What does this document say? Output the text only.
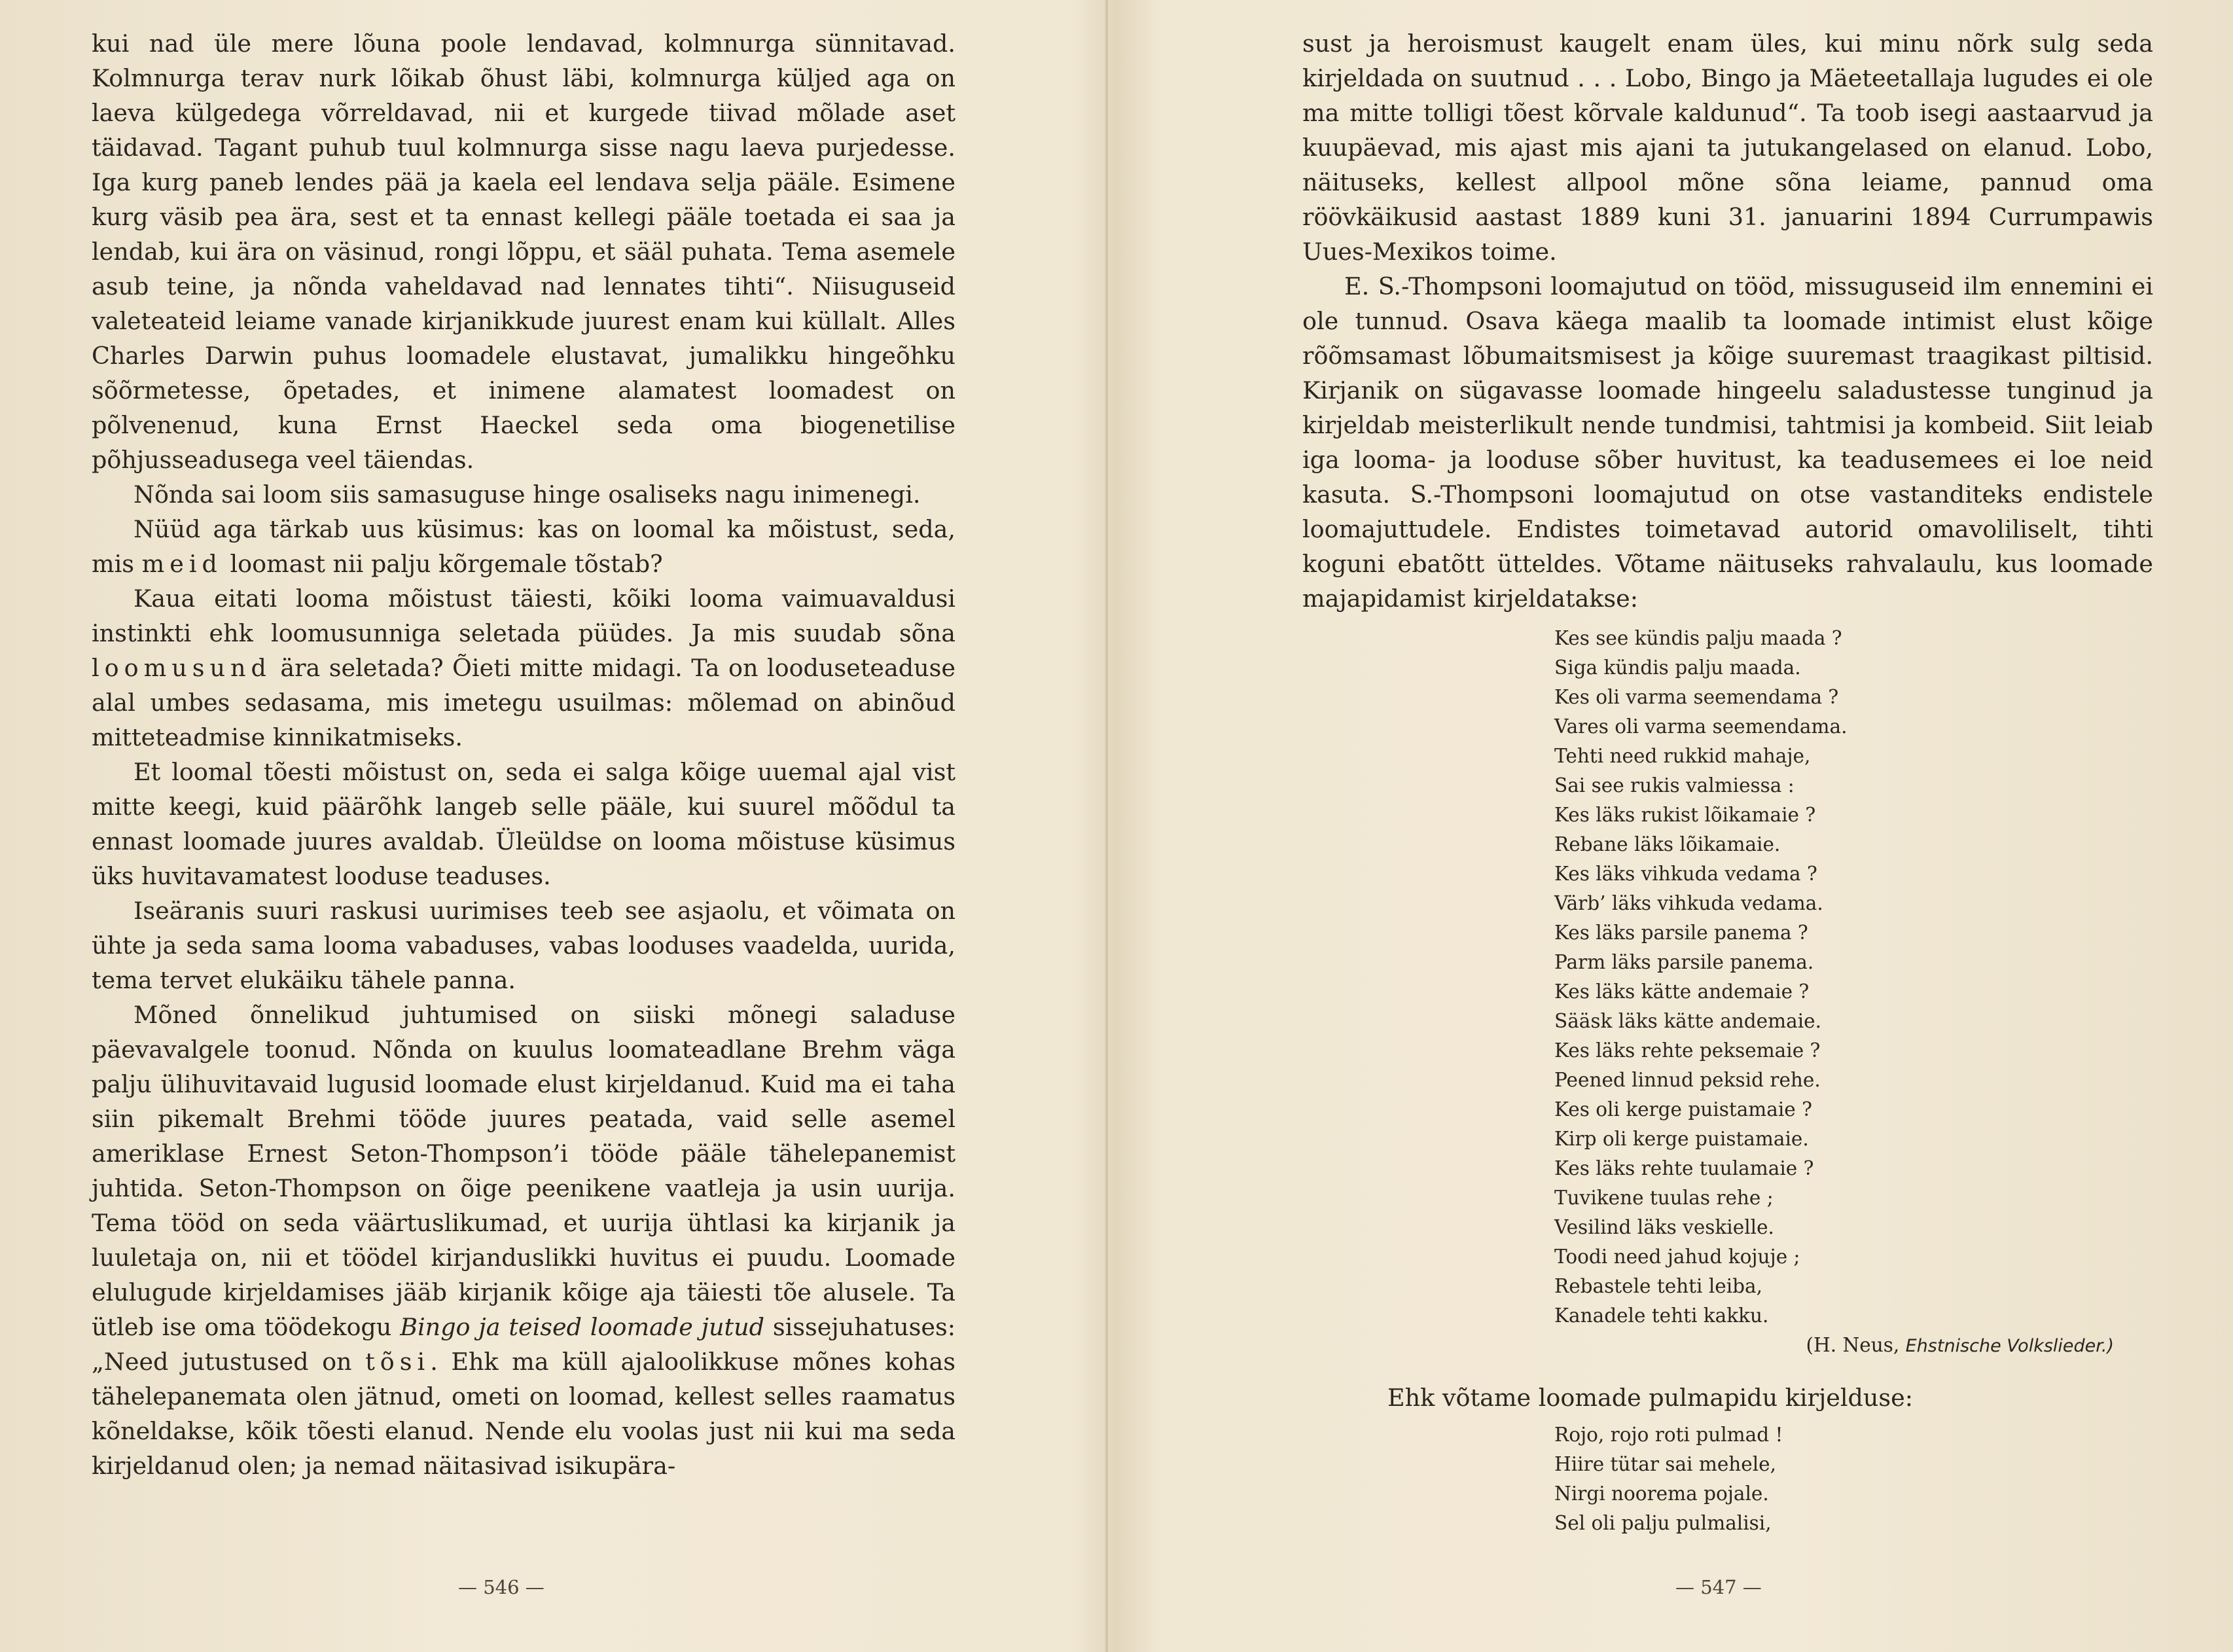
kui nad üle mere lõuna poole lendavad, kolmnurga sünnitavad. Kolmnurga terav nurk lõikab õhust läbi, kolmnurga küljed aga on laeva külgedega võrreldavad, nii et kurgede tiivad mõlade aset täidavad. Tagant puhub tuul kolmnurga sisse nagu laeva purjedesse. Iga kurg paneb lendes pää ja kaela eel lendava selja pääle. Esimene kurg väsib pea ära, sest et ta ennast kellegi pääle toetada ei saa ja lendab, kui ära on väsinud, rongi lõppu, et sääl puhata. Tema asemele asub teine, ja nõnda vaheldavad nad lennates tihti“. Niisuguseid valeteateid leiame vanade kirjanikkude juurest enam kui küllalt. Alles Charles Darwin puhus loomadele elustavat, jumalikku hingeõhku sõõrmetesse, õpetades, et inimene alamatest loomadest on põlvenenud, kuna Ernst Haeckel seda oma biogenetilise põhjusseadusega veel täiendas.

Nõnda sai loom siis samasuguse hinge osaliseks nagu inimenegi.

Nüüd aga tärkab uus küsimus: kas on loomal ka mõistust, seda, mis meid loomast nii palju kõrgemale tõstab?

Kaua eitati looma mõistust täiesti, kõiki looma vaimuavaldusi instinkti ehk loomusunniga seletada püüdes. Ja mis suudab sõna loomusund ära seletada? Õieti mitte midagi. Ta on looduseteaduse alal umbes sedasama, mis imetegu usuilmas: mõlemad on abinõud mitteteadmise kinnikatmiseks.

Et loomal tõesti mõistust on, seda ei salga kõige uuemal ajal vist mitte keegi, kuid päärõhk langeb selle pääle, kui suurel mõõdul ta ennast loomade juures avaldab. Üleüldse on looma mõistuse küsimus üks huvitavamatest looduse teaduses.

Iseäranis suuri raskusi uurimises teeb see asjaolu, et võimata on ühte ja seda sama looma vabaduses, vabas looduses vaadelda, uurida, tema tervet elukäiku tähele panna.

Mõned õnnelikud juhtumised on siiski mõnegi saladuse päevavalgele toonud. Nõnda on kuulus loomateadlane Brehm väga palju ülihuvitavaid lugusid loomade elust kirjeldanud. Kuid ma ei taha siin pikemalt Brehmi tööde juures peatada, vaid selle asemel ameriklase Ernest Seton-Thompson’i tööde pääle tähelepanemist juhtida. Seton-Thompson on õige peenikene vaatleja ja usin uurija. Tema tööd on seda väärtuslikumad, et uurija ühtlasi ka kirjanik ja luuletaja on, nii et töödel kirjanduslikki huvitus ei puudu. Loomade elulugude kirjeldamises jääb kirjanik kõige aja täiesti tõe alusele. Ta ütleb ise oma töödekogu Bingo ja teised loomade jutud sissejuhatuses: „Need jutustused on tõsi. Ehk ma küll ajaloolikkuse mõnes kohas tähelepanemata olen jätnud, ometi on loomad, kellest selles raamatus kõneldakse, kõik tõesti elanud. Nende elu voolas just nii kui ma seda kirjeldanud olen; ja nemad näitasivad isikupära-

— 546 —

sust ja heroismust kaugelt enam üles, kui minu nõrk sulg seda kirjeldada on suutnud . . . Lobo, Bingo ja Mäeteetallaja lugudes ei ole ma mitte tolligi tõest kõrvale kaldunud“. Ta toob isegi aastaarvud ja kuupäevad, mis ajast mis ajani ta jutukangelased on elanud. Lobo, näituseks, kellest allpool mõne sõna leiame, pannud oma röövkäikusid aastast 1889 kuni 31. januarini 1894 Currumpawis Uues-Mexikos toime.

E. S.-Thompsoni loomajutud on tööd, missuguseid ilm ennemini ei ole tunnud. Osava käega maalib ta loomade intimist elust kõige rõõmsamast lõbumaitsmisest ja kõige suuremast traagikast piltisid. Kirjanik on sügavasse loomade hingeelu saladustesse tunginud ja kirjeldab meisterlikult nende tundmisi, tahtmisi ja kombeid. Siit leiab iga looma- ja looduse sõber huvitust, ka teadusemees ei loe neid kasuta. S.-Thompsoni loomajutud on otse vastanditeks endistele loomajuttudele. Endistes toimetavad autorid omavoliliselt, tihti koguni ebatõtt ütteldes. Võtame näituseks rahvalaulu, kus loomade majapidamist kirjeldatakse:

Kes see kündis palju maada ?
Siga kündis palju maada.
Kes oli varma seemendama ?
Vares oli varma seemendama.
Tehti need rukkid mahaje,
Sai see rukis valmiessa :
Kes läks rukist lõikamaie ?
Rebane läks lõikamaie.
Kes läks vihkuda vedama ?
Värb’ läks vihkuda vedama.
Kes läks parsile panema ?
Parm läks parsile panema.
Kes läks kätte andemaie ?
Sääsk läks kätte andemaie.
Kes läks rehte peksemaie ?
Peened linnud peksid rehe.
Kes oli kerge puistamaie ?
Kirp oli kerge puistamaie.
Kes läks rehte tuulamaie ?
Tuvikene tuulas rehe ;
Vesilind läks veskielle.
Toodi need jahud kojuje ;
Rebastele tehti leiba,
Kanadele tehti kakku.
(H. Neus, Ehstnische Volkslieder.)
Ehk võtame loomade pulmapidu kirjelduse:
Rojo, rojo roti pulmad !
Hiire tütar sai mehele,
Nirgi noorema pojale.
Sel oli palju pulmalisi,
— 547 —
